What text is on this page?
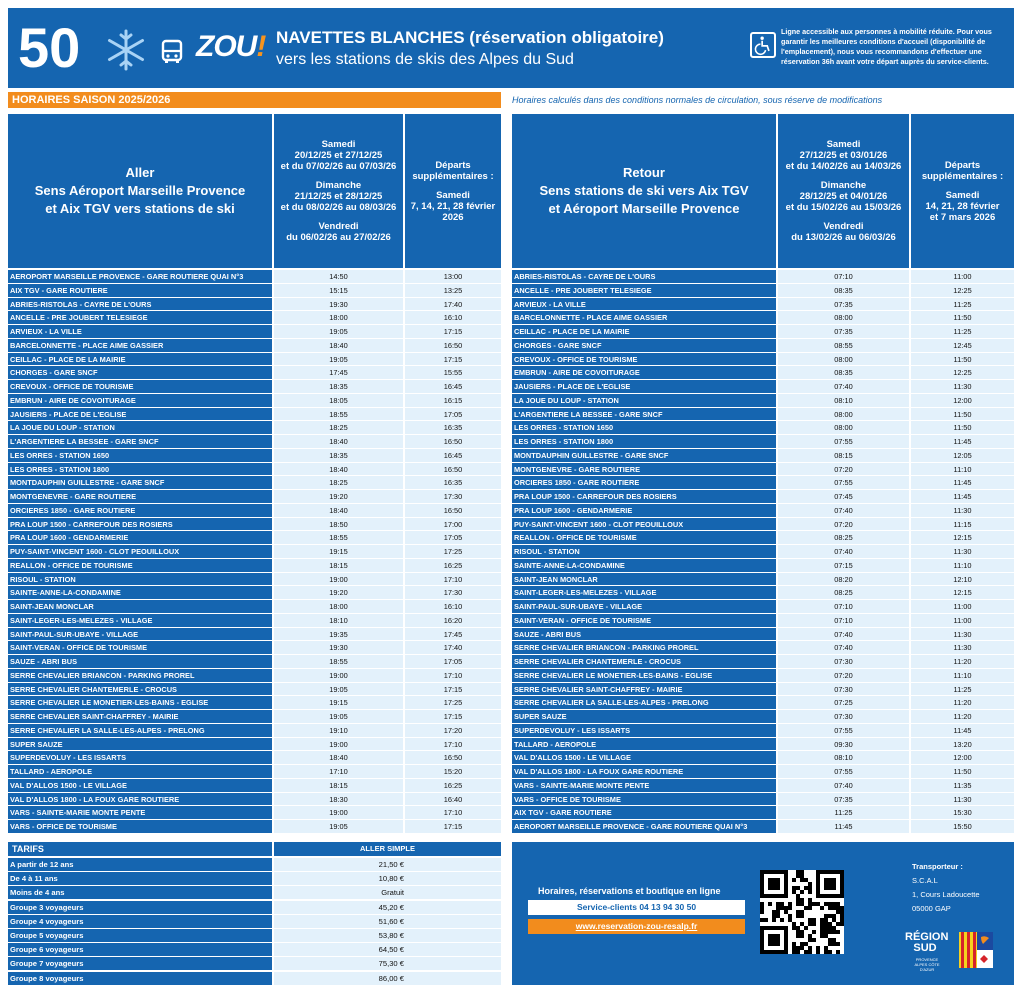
50	ZOU! NAVETTES BLANCHES (réservation obligatoire)
vers les stations de skis des Alpes du Sud
Ligne accessible aux personnes à mobilité réduite. Pour vous garantir les meilleures conditions d'accueil (disponibilité de l'emplacement), nous vous recommandons d'effectuer une réservation 36h avant votre départ auprès du service-clients.
HORAIRES SAISON 2025/2026	Horaires calculés dans des conditions normales de circulation, sous réserve de modifications
Aller
Sens Aéroport Marseille Provence
et Aix TGV vers stations de ski
Samedi
20/12/25 et 27/12/25
et du 07/02/26 au 07/03/26
Dimanche
21/12/25 et 28/12/25
et du 08/02/26 au 08/03/26
Vendredi
du 06/02/26 au 27/02/26
Départs
supplémentaires :
Samedi
7, 14, 21, 28 février
2026
Retour
Sens stations de ski vers Aix TGV
et Aéroport Marseille Provence
Samedi
27/12/25 et 03/01/26
et du 14/02/26 au 14/03/26
Dimanche
28/12/25 et 04/01/26
et du 15/02/26 au 15/03/26
Vendredi
du 13/02/26 au 06/03/26
Départs
supplémentaires :
Samedi
14, 21, 28 février
et 7 mars 2026
AEROPORT MARSEILLE PROVENCE - GARE ROUTIERE QUAI N°3	14:50	13:00
AIX TGV - GARE ROUTIERE	15:15	13:25
ABRIES-RISTOLAS - CAYRE DE L'OURS	19:30	17:40
ANCELLE - PRE JOUBERT TELESIEGE	18:00	16:10
ARVIEUX - LA VILLE	19:05	17:15
BARCELONNETTE - PLACE AIME GASSIER	18:40	16:50
CEILLAC - PLACE DE LA MAIRIE	19:05	17:15
CHORGES - GARE SNCF	17:45	15:55
CREVOUX - OFFICE DE TOURISME	18:35	16:45
EMBRUN - AIRE DE COVOITURAGE	18:05	16:15
JAUSIERS - PLACE DE L'EGLISE	18:55	17:05
LA JOUE DU LOUP - STATION	18:25	16:35
L'ARGENTIERE LA BESSEE - GARE SNCF	18:40	16:50
LES ORRES - STATION 1650	18:35	16:45
LES ORRES - STATION 1800	18:40	16:50
MONTDAUPHIN GUILLESTRE - GARE SNCF	18:25	16:35
MONTGENEVRE - GARE ROUTIERE	19:20	17:30
ORCIERES 1850 - GARE ROUTIERE	18:40	16:50
PRA LOUP 1500 - CARREFOUR DES ROSIERS	18:50	17:00
PRA LOUP 1600 - GENDARMERIE	18:55	17:05
PUY-SAINT-VINCENT 1600 - CLOT PEOUILLOUX	19:15	17:25
REALLON - OFFICE DE TOURISME	18:15	16:25
RISOUL - STATION	19:00	17:10
SAINTE-ANNE-LA-CONDAMINE	19:20	17:30
SAINT-JEAN MONCLAR	18:00	16:10
SAINT-LEGER-LES-MELEZES - VILLAGE	18:10	16:20
SAINT-PAUL-SUR-UBAYE - VILLAGE	19:35	17:45
SAINT-VERAN - OFFICE DE TOURISME	19:30	17:40
SAUZE - ABRI BUS	18:55	17:05
SERRE CHEVALIER BRIANCON - PARKING PROREL	19:00	17:10
SERRE CHEVALIER CHANTEMERLE - CROCUS	19:05	17:15
SERRE CHEVALIER LE MONETIER-LES-BAINS - EGLISE	19:15	17:25
SERRE CHEVALIER SAINT-CHAFFREY - MAIRIE	19:05	17:15
SERRE CHEVALIER LA SALLE-LES-ALPES - PRELONG	19:10	17:20
SUPER SAUZE	19:00	17:10
SUPERDEVOLUY - LES ISSARTS	18:40	16:50
TALLARD - AEROPOLE	17:10	15:20
VAL D'ALLOS 1500 - LE VILLAGE	18:15	16:25
VAL D'ALLOS 1800 - LA FOUX GARE ROUTIERE	18:30	16:40
VARS - SAINTE-MARIE MONTE PENTE	19:00	17:10
VARS - OFFICE DE TOURISME	19:05	17:15
ABRIES-RISTOLAS - CAYRE DE L'OURS	07:10	11:00
ANCELLE - PRE JOUBERT TELESIEGE	08:35	12:25
ARVIEUX - LA VILLE	07:35	11:25
BARCELONNETTE - PLACE AIME GASSIER	08:00	11:50
CEILLAC - PLACE DE LA MAIRIE	07:35	11:25
CHORGES - GARE SNCF	08:55	12:45
CREVOUX - OFFICE DE TOURISME	08:00	11:50
EMBRUN - AIRE DE COVOITURAGE	08:35	12:25
JAUSIERS - PLACE DE L'EGLISE	07:40	11:30
LA JOUE DU LOUP - STATION	08:10	12:00
L'ARGENTIERE LA BESSEE - GARE SNCF	08:00	11:50
LES ORRES - STATION 1650	08:00	11:50
LES ORRES - STATION 1800	07:55	11:45
MONTDAUPHIN GUILLESTRE - GARE SNCF	08:15	12:05
MONTGENEVRE - GARE ROUTIERE	07:20	11:10
ORCIERES 1850 - GARE ROUTIERE	07:55	11:45
PRA LOUP 1500 - CARREFOUR DES ROSIERS	07:45	11:45
PRA LOUP 1600 - GENDARMERIE	07:40	11:30
PUY-SAINT-VINCENT 1600 - CLOT PEOUILLOUX	07:20	11:15
REALLON - OFFICE DE TOURISME	08:25	12:15
RISOUL - STATION	07:40	11:30
SAINTE-ANNE-LA-CONDAMINE	07:15	11:10
SAINT-JEAN MONCLAR	08:20	12:10
SAINT-LEGER-LES-MELEZES - VILLAGE	08:25	12:15
SAINT-PAUL-SUR-UBAYE - VILLAGE	07:10	11:00
SAINT-VERAN - OFFICE DE TOURISME	07:10	11:00
SAUZE - ABRI BUS	07:40	11:30
SERRE CHEVALIER BRIANCON - PARKING PROREL	07:40	11:30
SERRE CHEVALIER CHANTEMERLE - CROCUS	07:30	11:20
SERRE CHEVALIER LE MONETIER-LES-BAINS - EGLISE	07:20	11:10
SERRE CHEVALIER SAINT-CHAFFREY - MAIRIE	07:30	11:25
SERRE CHEVALIER LA SALLE-LES-ALPES - PRELONG	07:25	11:20
SUPER SAUZE	07:30	11:20
SUPERDEVOLUY - LES ISSARTS	07:55	11:45
TALLARD - AEROPOLE	09:30	13:20
VAL D'ALLOS 1500 - LE VILLAGE	08:10	12:00
VAL D'ALLOS 1800 - LA FOUX GARE ROUTIERE	07:55	11:50
VARS - SAINTE-MARIE MONTE PENTE	07:40	11:35
VARS - OFFICE DE TOURISME	07:35	11:30
AIX TGV - GARE ROUTIERE	11:25	15:30
AEROPORT MARSEILLE PROVENCE - GARE ROUTIERE QUAI N°3	11:45	15:50
TARIFS	ALLER SIMPLE
A partir de 12 ans	21,50 €
De 4 à 11 ans	10,80 €
Moins de 4 ans	Gratuit
Groupe 3 voyageurs	45,20 €
Groupe 4 voyageurs	51,60 €
Groupe 5 voyageurs	53,80 €
Groupe 6 voyageurs	64,50 €
Groupe 7 voyageurs	75,30 €
Groupe 8 voyageurs	86,00 €
Horaires, réservations et boutique en ligne
Service-clients 04 13 94 30 50
www.reservation-zou-resalp.fr
Transporteur :
S.C.A.L
1, Cours Ladoucette
05000 GAP
RÉGION SUD
PROVENCE ALPES CÔTE D'AZUR
